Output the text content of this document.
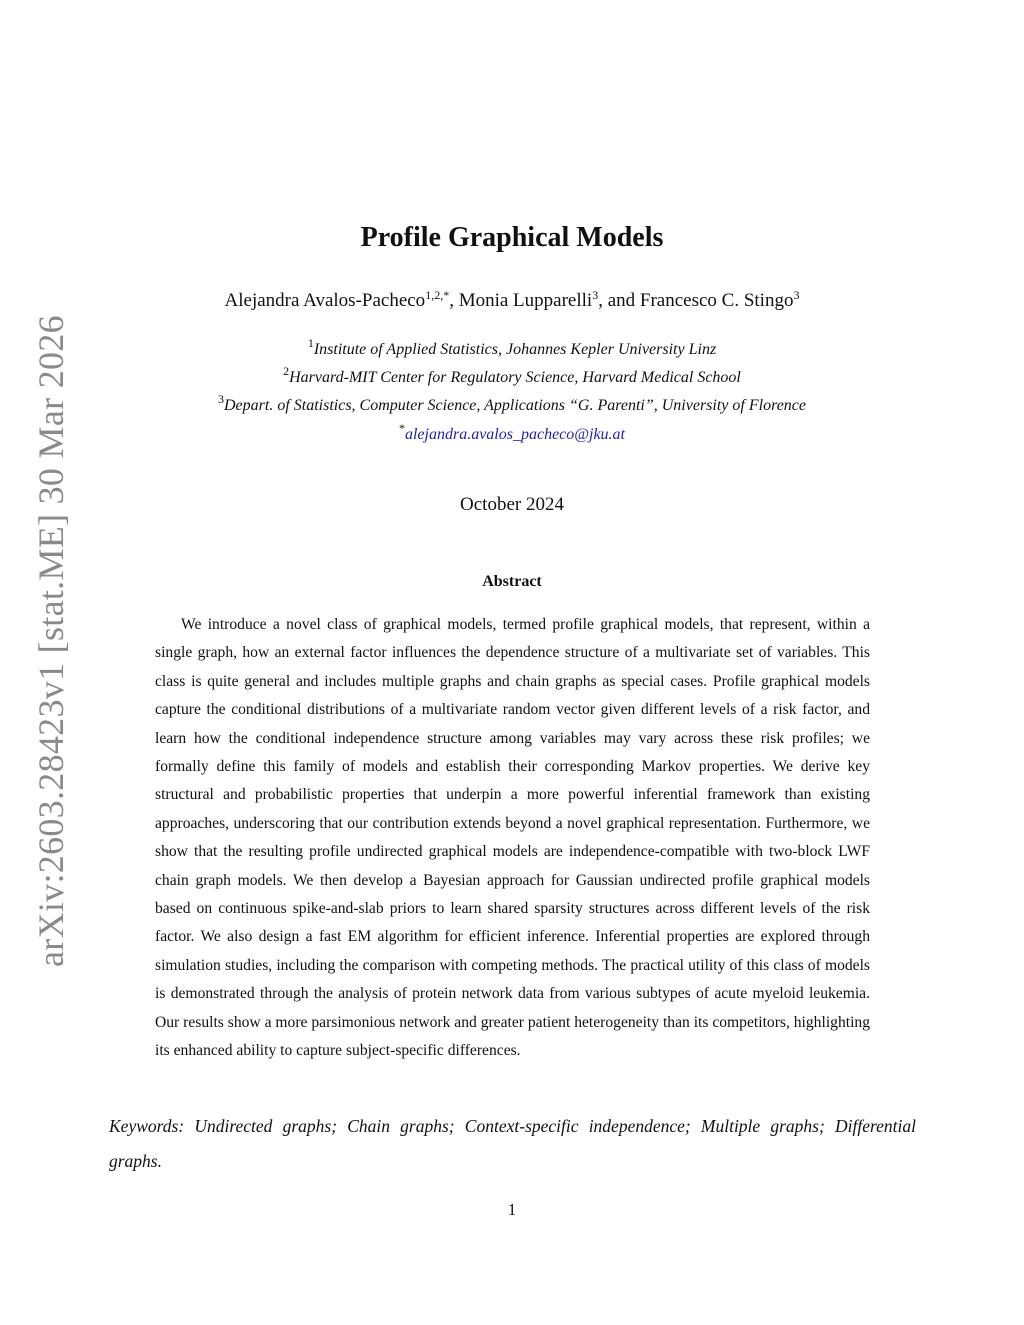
arXiv:2603.28423v1 [stat.ME] 30 Mar 2026
Profile Graphical Models
Alejandra Avalos-Pacheco$^{1,2,*}$, Monia Lupparelli$^3$, and Francesco C. Stingo$^3$
$^1$Institute of Applied Statistics, Johannes Kepler University Linz
$^2$Harvard-MIT Center for Regulatory Science, Harvard Medical School
$^3$Depart. of Statistics, Computer Science, Applications “G. Parenti”, University of Florence
*alejandra.avalos_pacheco@jku.at
October 2024
Abstract
We introduce a novel class of graphical models, termed profile graphical models, that represent, within a single graph, how an external factor influences the dependence structure of a multivariate set of variables. This class is quite general and includes multiple graphs and chain graphs as special cases. Profile graphical models capture the conditional distributions of a multivariate random vector given different levels of a risk factor, and learn how the conditional independence structure among variables may vary across these risk profiles; we formally define this family of models and establish their corresponding Markov properties. We derive key structural and probabilistic properties that underpin a more powerful inferential framework than existing approaches, underscoring that our contribution extends beyond a novel graphical representation. Furthermore, we show that the resulting profile undirected graphical models are independence-compatible with two-block LWF chain graph models. We then develop a Bayesian approach for Gaussian undirected profile graphical models based on continuous spike-and-slab priors to learn shared sparsity structures across different levels of the risk factor. We also design a fast EM algorithm for efficient inference. Inferential properties are explored through simulation studies, including the comparison with competing methods. The practical utility of this class of models is demonstrated through the analysis of protein network data from various subtypes of acute myeloid leukemia. Our results show a more parsimonious network and greater patient heterogeneity than its competitors, highlighting its enhanced ability to capture subject-specific differences.
Keywords: Undirected graphs; Chain graphs; Context-specific independence; Multiple graphs; Differential graphs.
1
